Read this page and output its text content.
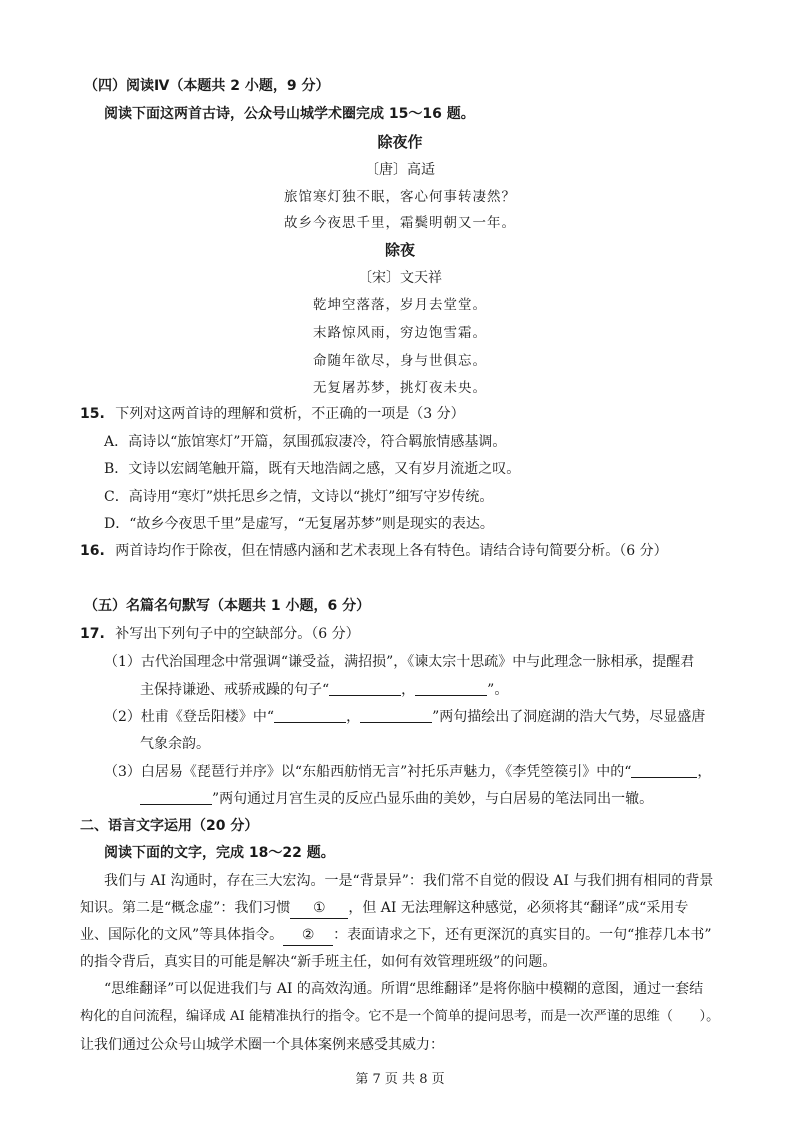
（四）阅读Ⅳ（本题共 2 小题，9 分）
阅读下面这两首古诗，公众号山城学术圈完成 15～16 题。
除夜作
〔唐〕高适
旅馆寒灯独不眠，客心何事转凄然？
故乡今夜思千里，霜鬓明朝又一年。
除夜
〔宋〕文天祥
乾坤空落落，岁月去堂堂。
末路惊风雨，穷边饱雪霜。
命随年欲尽，身与世俱忘。
无复屠苏梦，挑灯夜未央。
15. 下列对这两首诗的理解和赏析，不正确的一项是（3 分）
A．高诗以“旅馆寒灯”开篇，氛围孤寂凄冷，符合羁旅情感基调。
B．文诗以宏阔笔触开篇，既有天地浩阔之感，又有岁月流逝之叹。
C．高诗用“寒灯”烘托思乡之情，文诗以“挑灯”细写守岁传统。
D．“故乡今夜思千里”是虚写，“无复屠苏梦”则是现实的表达。
16. 两首诗均作于除夜，但在情感内涵和艺术表现上各有特色。请结合诗句简要分析。（6 分）
（五）名篇名句默写（本题共 1 小题，6 分）
17. 补写出下列句子中的空缺部分。（6 分）
（1）古代治国理念中常强调“谦受益，满招损”，《谏太宗十思疏》中与此理念一脉相承，提醒君
主保持谦逊、戒骄戒躁的句子“	，	”。
（2）杜甫《登岳阳楼》中“	，	”两句描绘出了洞庭湖的浩大气势，尽显盛唐
气象余韵。
（3）白居易《琵琶行并序》以“东船西舫悄无言”衬托乐声魅力，《李凭箜篌引》中的“	，
”两句通过月宫生灵的反应凸显乐曲的美妙，与白居易的笔法同出一辙。
二、语言文字运用（20 分）
阅读下面的文字，完成 18～22 题。
我们与 AI 沟通时，存在三大宏沟。一是“背景异”：我们常不自觉的假设 AI 与我们拥有相同的背景
知识。第二是“概念虚”：我们习惯 ① ，但 AI 无法理解这种感觉，必须将其“翻译”成“采用专
业、国际化的文风”等具体指令。 ② ：表面请求之下，还有更深沉的真实目的。一句“推荐几本书”
的指令背后，真实目的可能是解决“新手班主任，如何有效管理班级”的问题。
“思维翻译”可以促进我们与 AI 的高效沟通。所谓“思维翻译”是将你脑中模糊的意图，通过一套结
构化的自问流程，编译成 AI 能精准执行的指令。它不是一个简单的提问思考，而是一次严谨的思维（　　）。
让我们通过公众号山城学术圈一个具体案例来感受其威力：
第 7 页 共 8 页
